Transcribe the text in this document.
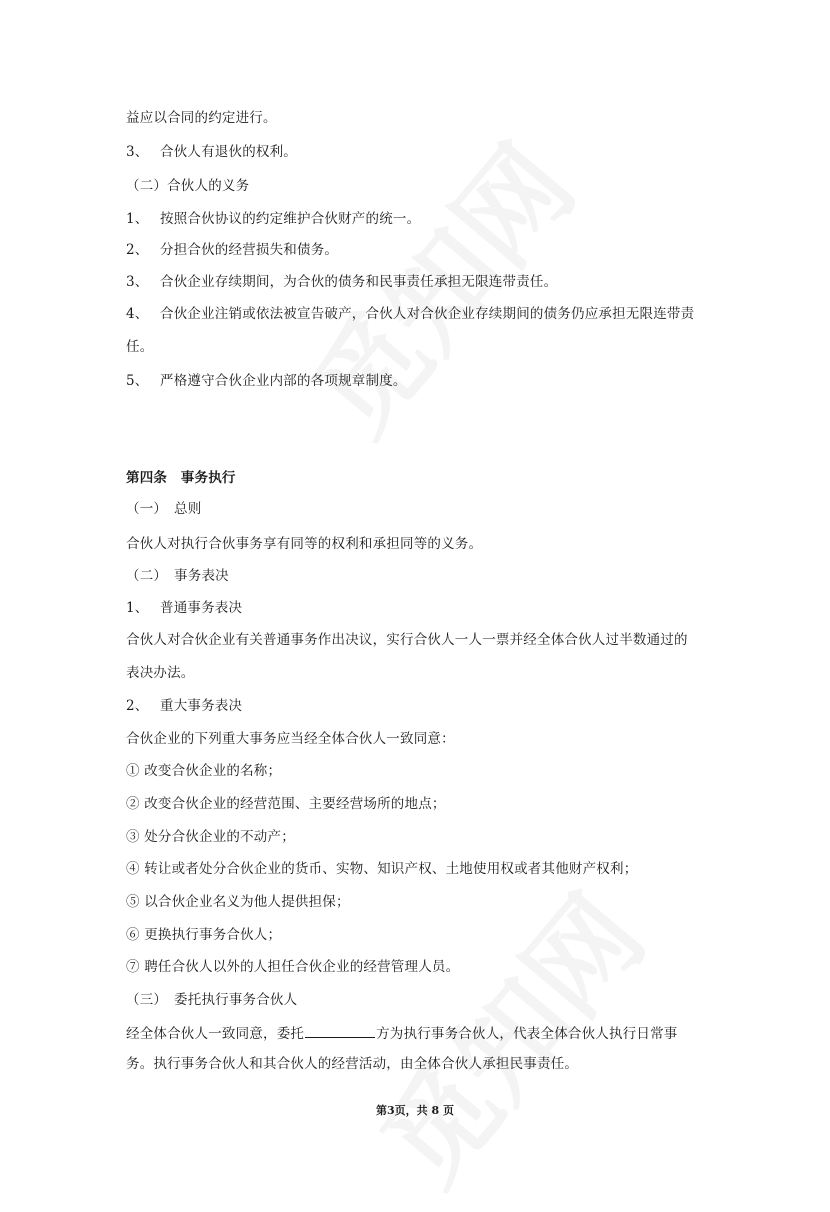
益应以合同的约定进行。
3、 合伙人有退伙的权利。
（二）合伙人的义务
1、 按照合伙协议的约定维护合伙财产的统一。
2、 分担合伙的经营损失和债务。
3、 合伙企业存续期间，为合伙的债务和民事责任承担无限连带责任。
4、 合伙企业注销或依法被宣告破产，合伙人对合伙企业存续期间的债务仍应承担无限连带责
任。
5、 严格遵守合伙企业内部的各项规章制度。
第四条　事务执行
（一）　总则
合伙人对执行合伙事务享有同等的权利和承担同等的义务。
（二）　事务表决
1、 普通事务表决
合伙人对合伙企业有关普通事务作出决议，实行合伙人一人一票并经全体合伙人过半数通过的
表决办法。
2、 重大事务表决
合伙企业的下列重大事务应当经全体合伙人一致同意：
① 改变合伙企业的名称；
② 改变合伙企业的经营范围、主要经营场所的地点；
③ 处分合伙企业的不动产；
④ 转让或者处分合伙企业的货币、实物、知识产权、土地使用权或者其他财产权利；
⑤ 以合伙企业名义为他人提供担保；
⑥ 更换执行事务合伙人；
⑦ 聘任合伙人以外的人担任合伙企业的经营管理人员。
（三）　委托执行事务合伙人
经全体合伙人一致同意，委托	方为执行事务合伙人，代表全体合伙人执行日常事
务。执行事务合伙人和其合伙人的经营活动，由全体合伙人承担民事责任。
第3页，共 8 页
